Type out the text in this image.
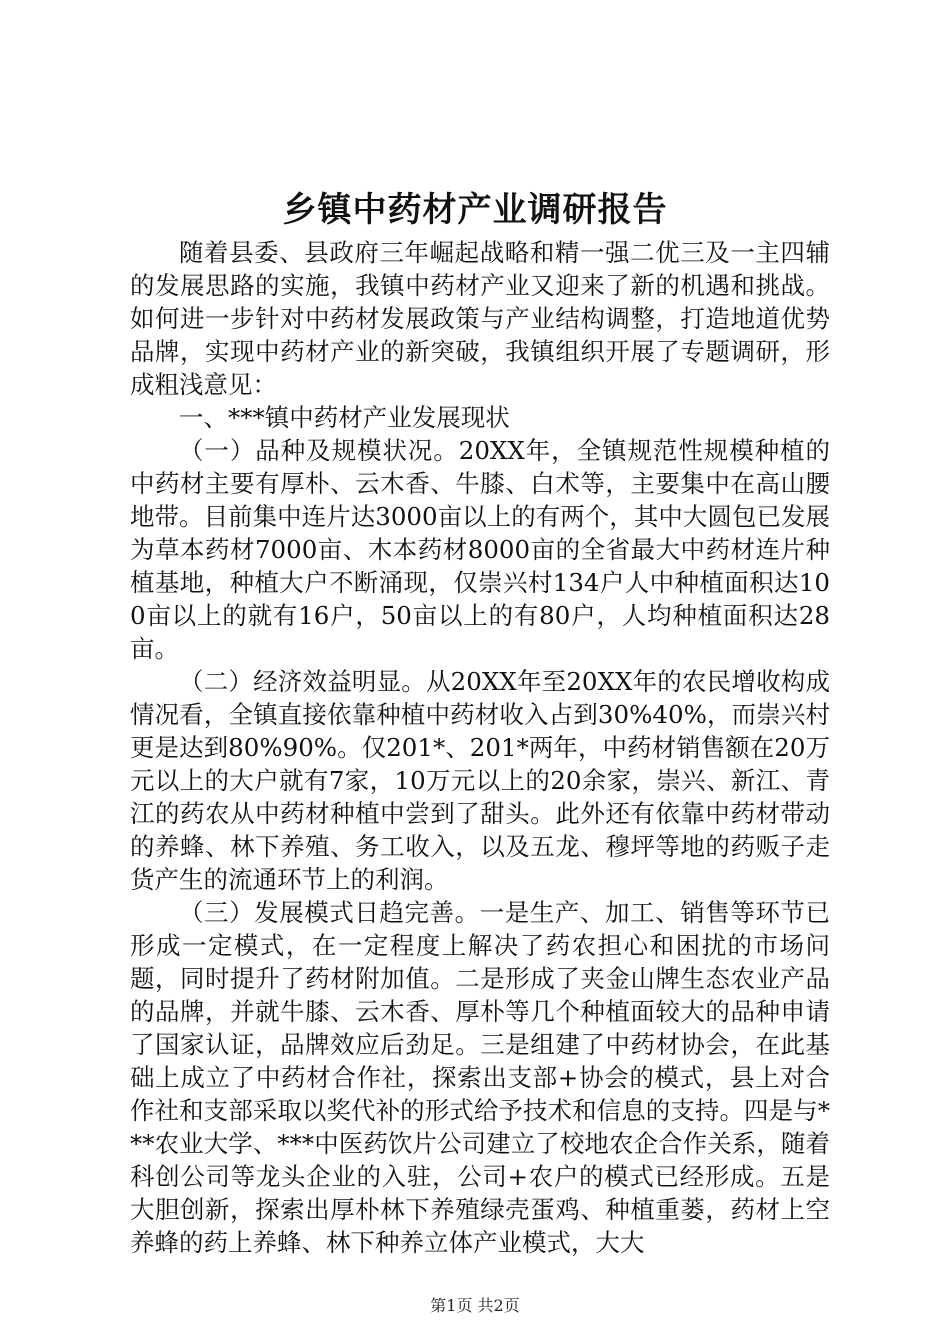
乡镇中药材产业调研报告

随着县委、县政府三年崛起战略和精一强二优三及一主四辅的发展思路的实施，我镇中药材产业又迎来了新的机遇和挑战。如何进一步针对中药材发展政策与产业结构调整，打造地道优势品牌，实现中药材产业的新突破，我镇组织开展了专题调研，形成粗浅意见：

一、***镇中药材产业发展现状

（一）品种及规模状况。20XX年，全镇规范性规模种植的中药材主要有厚朴、云木香、牛膝、白术等，主要集中在高山腰地带。目前集中连片达3000亩以上的有两个，其中大圆包已发展为草本药材7000亩、木本药材8000亩的全省最大中药材连片种植基地，种植大户不断涌现，仅崇兴村134户人中种植面积达100亩以上的就有16户，50亩以上的有80户，人均种植面积达28亩。

（二）经济效益明显。从20XX年至20XX年的农民增收构成情况看，全镇直接依靠种植中药材收入占到30%40%，而崇兴村更是达到80%90%。仅201*、201*两年，中药材销售额在20万元以上的大户就有7家，10万元以上的20余家，崇兴、新江、青江的药农从中药材种植中尝到了甜头。此外还有依靠中药材带动的养蜂、林下养殖、务工收入，以及五龙、穆坪等地的药贩子走货产生的流通环节上的利润。

（三）发展模式日趋完善。一是生产、加工、销售等环节已形成一定模式，在一定程度上解决了药农担心和困扰的市场问题，同时提升了药材附加值。二是形成了夹金山牌生态农业产品的品牌，并就牛膝、云木香、厚朴等几个种植面较大的品种申请了国家认证，品牌效应后劲足。三是组建了中药材协会，在此基础上成立了中药材合作社，探索出支部+协会的模式，县上对合作社和支部采取以奖代补的形式给予技术和信息的支持。四是与***农业大学、***中医药饮片公司建立了校地农企合作关系，随着科创公司等龙头企业的入驻，公司+农户的模式已经形成。五是大胆创新，探索出厚朴林下养殖绿壳蛋鸡、种植重蒌，药材上空养蜂的药上养蜂、林下种养立体产业模式，大大

第1页 共2页
